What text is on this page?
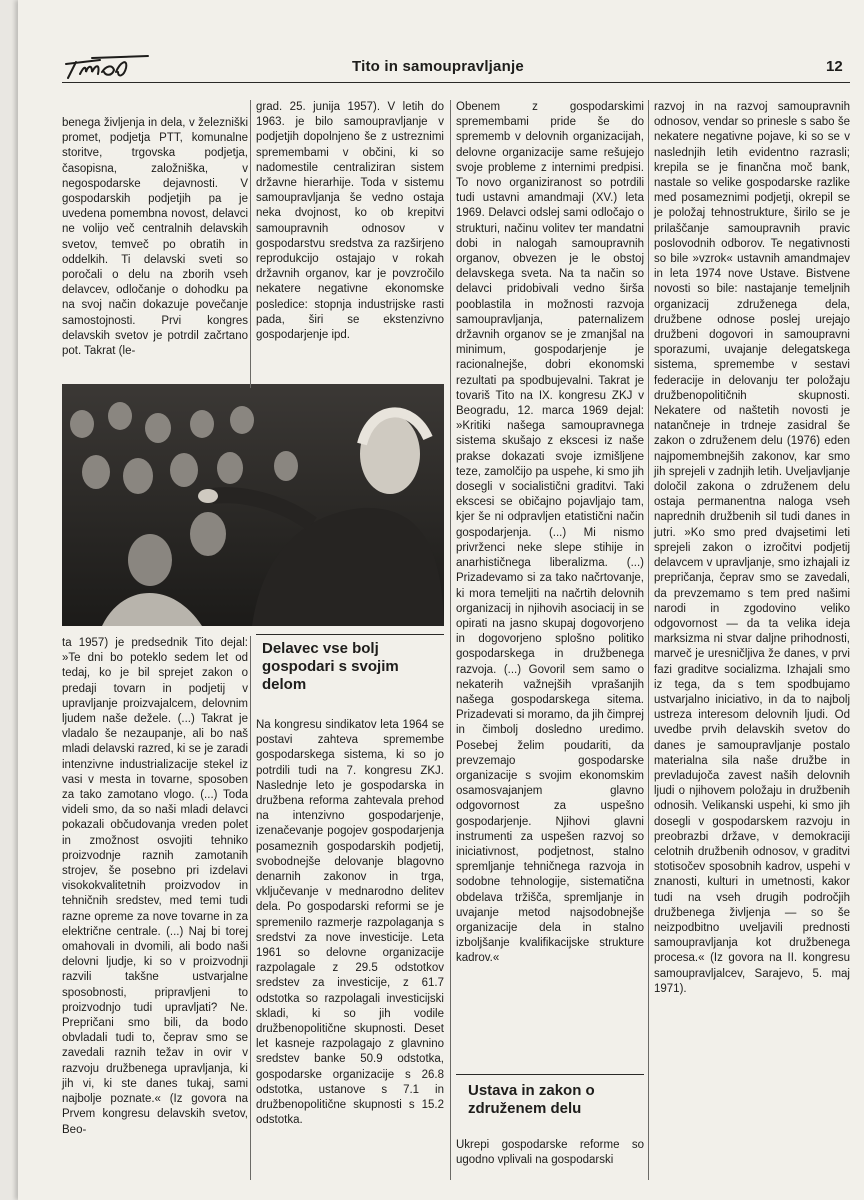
Tito in samoupravljanje	12

benega življenja in dela, v železniški promet, podjetja PTT, komunalne storitve, trgovska podjetja, časopisna, založniška, v negospodarske dejavnosti. V gospodarskih podjetjih pa je uvedena pomembna novost, delavci ne volijo več centralnih delavskih svetov, temveč po obratih in oddelkih. Ti delavski sveti so poročali o delu na zborih vseh delavcev, odločanje o dohodku pa na svoj način dokazuje povečanje samostojnosti. Prvi kongres delavskih svetov je potrdil začrtano pot. Takrat (le-

grad. 25. junija 1957). V letih do 1963. je bilo samoupravljanje v podjetjih dopolnjeno še z ustreznimi spremembami v občini, ki so nadomestile centraliziran sistem državne hierarhije. Toda v sistemu samoupravljanja še vedno ostaja neka dvojnost, ko ob krepitvi samoupravnih odnosov v gospodarstvu sredstva za razširjeno reprodukcijo ostajajo v rokah državnih organov, kar je povzročilo nekatere negativne ekonomske posledice: stopnja industrijske rasti pada, širi se ekstenzivno gospodarjenje ipd.

Obenem z gospodarskimi spremembami pride še do sprememb v delovnih organizacijah, delovne organizacije same rešujejo svoje probleme z internimi predpisi. To novo organiziranost so potrdili tudi ustavni amandmaji (XV.) leta 1969. Delavci odslej sami odločajo o strukturi, načinu volitev ter mandatni dobi in nalogah samoupravnih organov, obvezen je le obstoj delavskega sveta. Na ta način so delavci pridobivali vedno širša pooblastila in možnosti razvoja samoupravljanja, paternalizem državnih organov se je zmanjšal na minimum, gospodarjenje je racionalnejše, dobri ekonomski rezultati pa spodbujevalni. Takrat je tovariš Tito na IX. kongresu ZKJ v Beogradu, 12. marca 1969 dejal: »Kritiki našega samoupravnega sistema skušajo z ekscesi iz naše prakse dokazati svoje izmišljene teze, zamolčijo pa uspehe, ki smo jih dosegli v socialistični graditvi. Taki ekscesi se običajno pojavljajo tam, kjer še ni odpravljen etatistični način gospodarjenja. (...) Mi nismo privrženci neke slepe stihije in anarhističnega liberalizma. (...) Prizadevamo si za tako načrtovanje, ki mora temeljiti na načrtih delovnih organizacij in njihovih asociacij in se opirati na jasno skupaj dogovorjeno in dogovorjeno splošno politiko gospodarskega in družbenega razvoja. (...) Govoril sem samo o nekaterih važnejših vprašanjih našega gospodarskega sitema. Prizadevati si moramo, da jih čimprej in čimbolj dosledno uredimo. Posebej želim poudariti, da prevzemajo gospodarske organizacije s svojim ekonomskim osamosvajanjem glavno odgovornost za uspešno gospodarjenje. Njihovi glavni instrumenti za uspešen razvoj so iniciativnost, podjetnost, stalno spremljanje tehničnega razvoja in sodobne tehnologije, sistematična obdelava tržišča, spremljanje in uvajanje metod najsodobnejše organizacije dela in stalno izboljšanje kvalifikacijske strukture kadrov.«

razvoj in na razvoj samoupravnih odnosov, vendar so prinesle s sabo še nekatere negativne pojave, ki so se v naslednjih letih evidentno razrasli; krepila se je finančna moč bank, nastale so velike gospodarske razlike med posameznimi podjetji, okrepil se je položaj tehnostrukture, širilo se je prilaščanje samoupravnih pravic poslovodnih odborov. Te negativnosti so bile »vzrok« ustavnih amandmajev in leta 1974 nove Ustave. Bistvene novosti so bile: nastajanje temeljnih organizacij združenega dela, družbene odnose poslej urejajo družbeni dogovori in samoupravni sporazumi, uvajanje delegatskega sistema, spremembe v sestavi federacije in delovanju ter položaju družbenopolitičnih skupnosti. Nekatere od naštetih novosti je natančneje in trdneje zasidral še zakon o združenem delu (1976) eden najpomembnejših zakonov, kar smo jih sprejeli v zadnjih letih. Uveljavljanje določil zakona o združenem delu ostaja permanentna naloga vseh naprednih družbenih sil tudi danes in jutri. »Ko smo pred dvajsetimi leti sprejeli zakon o izročitvi podjetij delavcem v upravljanje, smo izhajali iz prepričanja, čeprav smo se zavedali, da prevzemamo s tem pred našimi narodi in zgodovino veliko odgovornost — da ta velika ideja marksizma ni stvar daljne prihodnosti, marveč je uresničljiva že danes, v prvi fazi graditve socializma. Izhajali smo iz tega, da s tem spodbujamo ustvarjalno iniciativo, in da to najbolj ustreza interesom delovnih ljudi. Od uvedbe prvih delavskih svetov do danes je samoupravljanje postalo materialna sila naše družbe in prevladujoča zavest naših delovnih ljudi o njihovem položaju in družbenih odnosih. Velikanski uspehi, ki smo jih dosegli v gospodarskem razvoju in preobrazbi države, v demokraciji celotnih družbenih odnosov, v graditvi stotisočev sposobnih kadrov, uspehi v znanosti, kulturi in umetnosti, kakor tudi na vseh drugih področjih družbenega življenja — so še neizpodbitno uveljavili prednosti samoupravljanja kot družbenega procesa.« (Iz govora na II. kongresu samoupravljalcev, Sarajevo, 5. maj 1971).

ta 1957) je predsednik Tito dejal: »Te dni bo poteklo sedem let od tedaj, ko je bil sprejet zakon o predaji tovarn in podjetij v upravljanje proizvajalcem, delovnim ljudem naše dežele. (...) Takrat je vladalo še nezaupanje, ali bo naš mladi delavski razred, ki se je zaradi intenzivne industrializacije stekel iz vasi v mesta in tovarne, sposoben za tako zamotano vlogo. (...) Toda videli smo, da so naši mladi delavci pokazali občudovanja vreden polet in zmožnost osvojiti tehniko proizvodnje raznih zamotanih strojev, še posebno pri izdelavi visokokvalitetnih proizvodov in tehničnih sredstev, med temi tudi razne opreme za nove tovarne in za električne centrale. (...) Naj bi torej omahovali in dvomili, ali bodo naši delovni ljudje, ki so v proizvodnji razvili takšne ustvarjalne sposobnosti, pripravljeni to proizvodnjo tudi upravljati? Ne. Prepričani smo bili, da bodo obvladali tudi to, čeprav smo se zavedali raznih težav in ovir v razvoju družbenega upravljanja, ki jih vi, ki ste danes tukaj, sami najbolje poznate.« (Iz govora na Prvem kongresu delavskih svetov, Beo-

Delavec vse bolj gospodari s svojim delom

Na kongresu sindikatov leta 1964 se postavi zahteva spremembe gospodarskega sistema, ki so jo potrdili tudi na 7. kongresu ZKJ. Naslednje leto je gospodarska in družbena reforma zahtevala prehod na intenzivno gospodarjenje, izenačevanje pogojev gospodarjenja posameznih gospodarskih podjetij, svobodnejše delovanje blagovno denarnih zakonov in trga, vključevanje v mednarodno delitev dela. Po gospodarski reformi se je spremenilo razmerje razpolaganja s sredstvi za nove investicije. Leta 1961 so delovne organizacije razpolagale z 29.5 odstotkov sredstev za investicije, z 61.7 odstotka so razpolagali investicijski skladi, ki so jih vodile družbenopolitične skupnosti. Deset let kasneje razpolagajo z glavnino sredstev banke 50.9 odstotka, gospodarske organizacije s 26.8 odstotka, ustanove s 7.1 in družbenopolitične skupnosti s 15.2 odstotka.

Ustava in zakon o združenem delu

Ukrepi gospodarske reforme so ugodno vplivali na gospodarski
